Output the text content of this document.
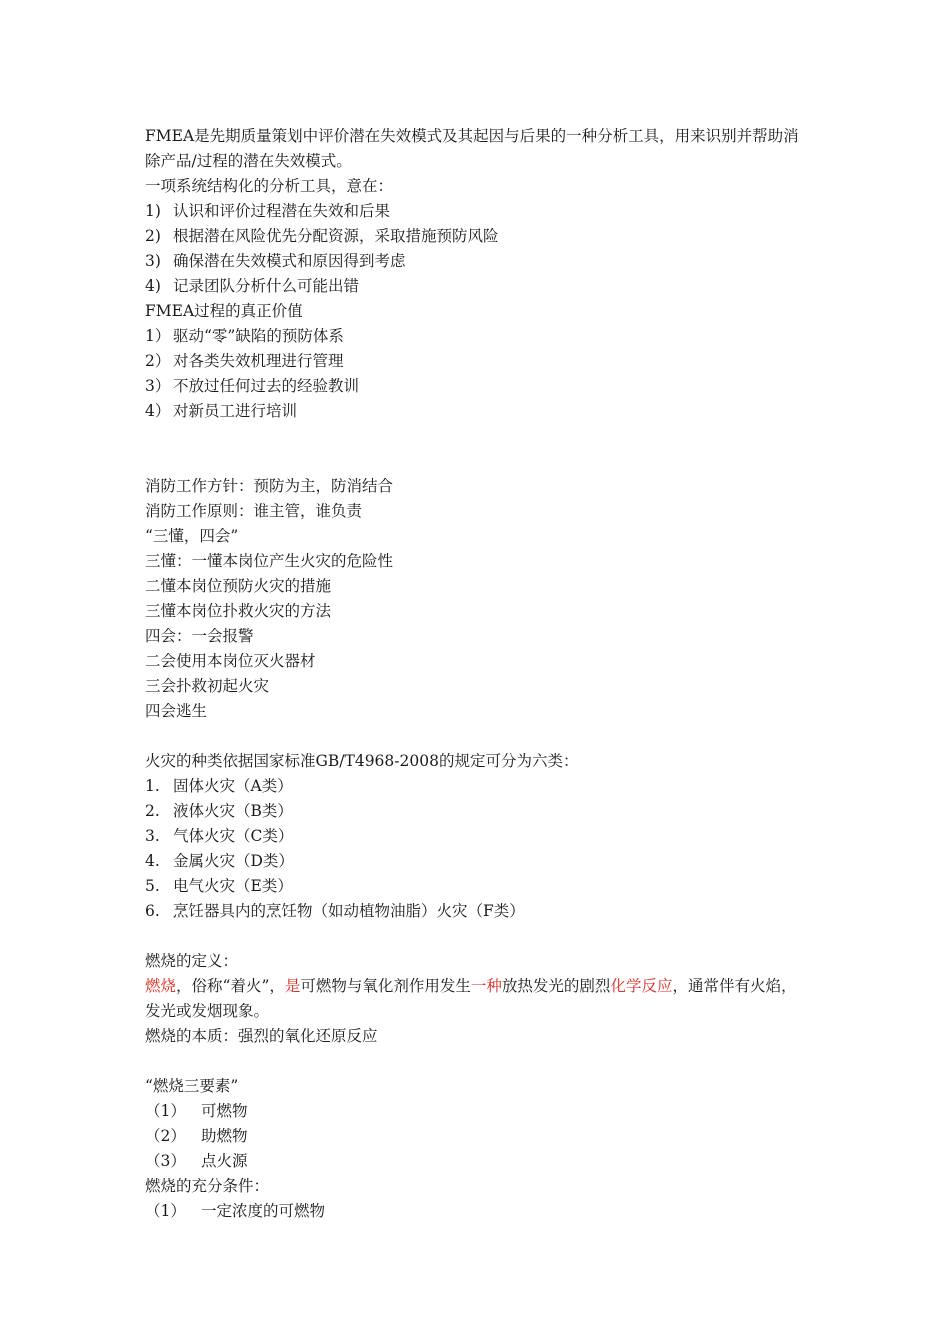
FMEA是先期质量策划中评价潜在失效模式及其起因与后果的一种分析工具，用来识别并帮助消除产品/过程的潜在失效模式。
一项系统结构化的分析工具，意在：
1) 认识和评价过程潜在失效和后果
2) 根据潜在风险优先分配资源，采取措施预防风险
3) 确保潜在失效模式和原因得到考虑
4) 记录团队分析什么可能出错
FMEA过程的真正价值
1） 驱动“零”缺陷的预防体系
2） 对各类失效机理进行管理
3） 不放过任何过去的经验教训
4） 对新员工进行培训
消防工作方针：预防为主，防消结合
消防工作原则：谁主管，谁负责
“三懂，四会”
三懂：一懂本岗位产生火灾的危险性
二懂本岗位预防火灾的措施
三懂本岗位扑救火灾的方法
四会：一会报警
二会使用本岗位灭火器材
三会扑救初起火灾
四会逃生
火灾的种类依据国家标准GB/T4968-2008的规定可分为六类：
1. 固体火灾（A类）
2. 液体火灾（B类）
3. 气体火灾（C类）
4. 金属火灾（D类）
5. 电气火灾（E类）
6. 烹饪器具内的烹饪物（如动植物油脂）火灾（F类）
燃烧的定义：
燃烧，俗称“着火”，是可燃物与氧化剂作用发生一种放热发光的剧烈化学反应，通常伴有火焰，发光或发烟现象。
燃烧的本质：强烈的氧化还原反应
“燃烧三要素”
（1） 可燃物
（2） 助燃物
（3） 点火源
燃烧的充分条件：
（1） 一定浓度的可燃物
